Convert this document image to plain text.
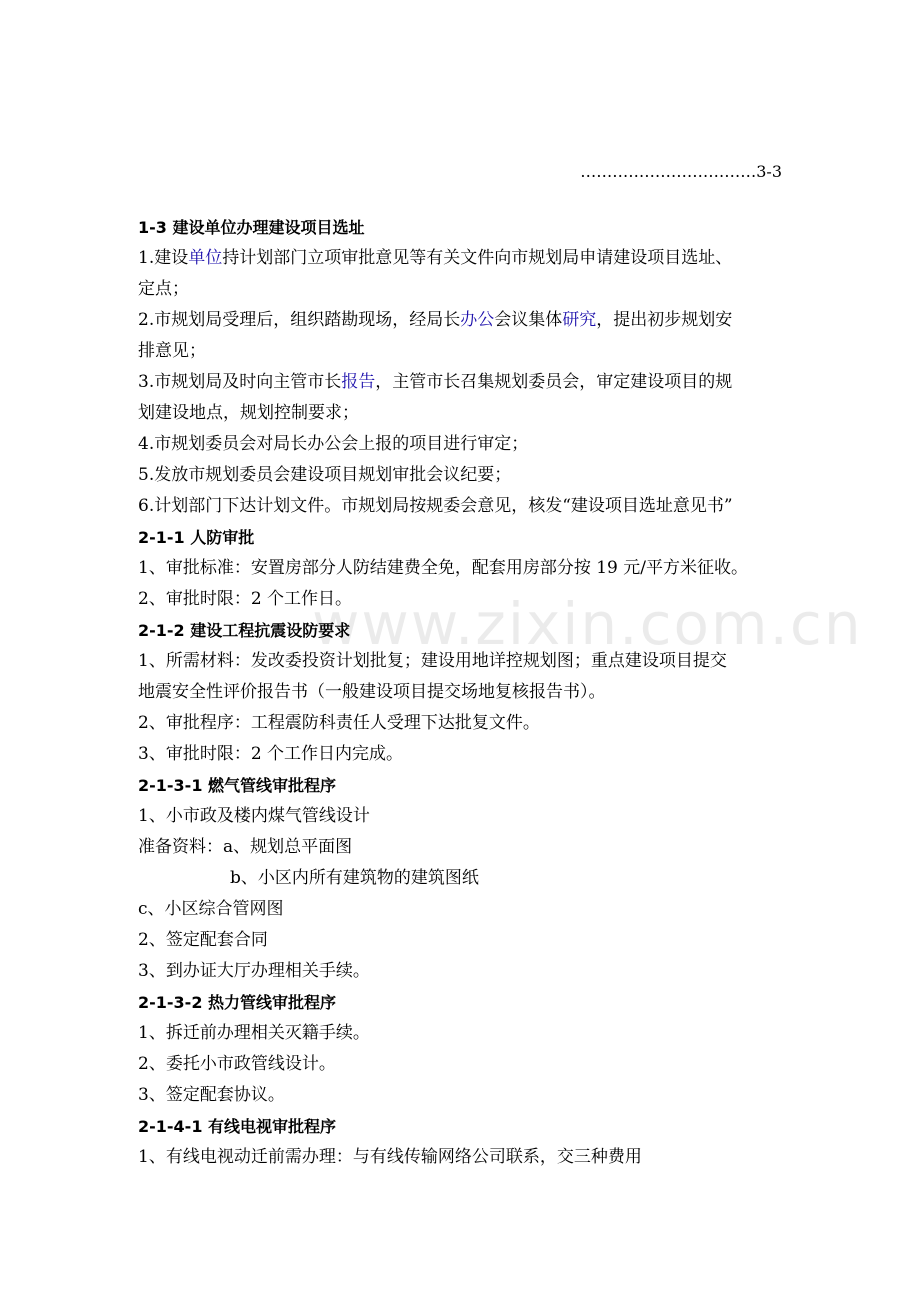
www.zixin.com.cn
……………………………3-3
1-3 建设单位办理建设项目选址
1.建设单位持计划部门立项审批意见等有关文件向市规划局申请建设项目选址、
定点；
2.市规划局受理后，组织踏勘现场，经局长办公会议集体研究，提出初步规划安
排意见；
3.市规划局及时向主管市长报告，主管市长召集规划委员会，审定建设项目的规
划建设地点，规划控制要求；
4.市规划委员会对局长办公会上报的项目进行审定；
5.发放市规划委员会建设项目规划审批会议纪要；
6.计划部门下达计划文件。市规划局按规委会意见，核发“建设项目选址意见书”
2-1-1 人防审批
1、审批标准：安置房部分人防结建费全免，配套用房部分按 19 元/平方米征收。
2、审批时限：2 个工作日。
2-1-2 建设工程抗震设防要求
1、所需材料：发改委投资计划批复；建设用地详控规划图；重点建设项目提交
地震安全性评价报告书（一般建设项目提交场地复核报告书）。
2、审批程序：工程震防科责任人受理下达批复文件。
3、审批时限：2 个工作日内完成。
2-1-3-1 燃气管线审批程序
1、小市政及楼内煤气管线设计
准备资料：a、规划总平面图
b、小区内所有建筑物的建筑图纸
c、小区综合管网图
2、签定配套合同
3、到办证大厅办理相关手续。
2-1-3-2 热力管线审批程序
1、拆迁前办理相关灭籍手续。
2、委托小市政管线设计。
3、签定配套协议。
2-1-4-1 有线电视审批程序
1、有线电视动迁前需办理：与有线传输网络公司联系，交三种费用
